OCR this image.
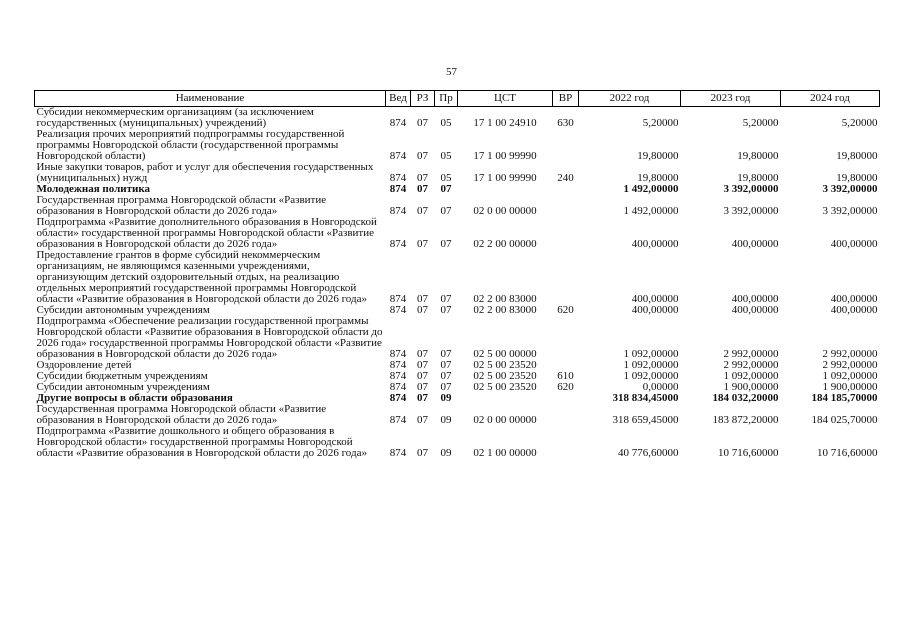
57
Наименование	Вед	РЗ	Пр	ЦСТ	ВР	2022 год	2023 год	2024 год
Субсидии некоммерческим организациям (за исключением государственных (муниципальных) учреждений)	874	07	05	17 1 00 24910	630	5,20000	5,20000	5,20000
Реализация прочих мероприятий подпрограммы государственной программы Новгородской области (государственной программы Новгородской области)	874	07	05	17 1 00 99990		19,80000	19,80000	19,80000
Иные закупки товаров, работ и услуг для обеспечения государственных (муниципальных) нужд	874	07	05	17 1 00 99990	240	19,80000	19,80000	19,80000
Молодежная политика	874	07	07			1 492,00000	3 392,00000	3 392,00000
Государственная программа Новгородской области «Развитие образования в Новгородской области до 2026 года»	874	07	07	02 0 00 00000		1 492,00000	3 392,00000	3 392,00000
Подпрограмма «Развитие дополнительного образования в Новгородской области» государственной программы Новгородской области «Развитие образования в Новгородской области до 2026 года»	874	07	07	02 2 00 00000		400,00000	400,00000	400,00000
Предоставление грантов в форме субсидий некоммерческим организациям, не являющимся казенными учреждениями, организующим детский оздоровительный отдых, на реализацию отдельных мероприятий государственной программы Новгородской области «Развитие образования в Новгородской области до 2026 года»	874	07	07	02 2 00 83000		400,00000	400,00000	400,00000
Субсидии автономным учреждениям	874	07	07	02 2 00 83000	620	400,00000	400,00000	400,00000
Подпрограмма «Обеспечение реализации государственной программы Новгородской области «Развитие образования в Новгородской области до 2026 года» государственной программы Новгородской области «Развитие образования в Новгородской области до 2026 года»	874	07	07	02 5 00 00000		1 092,00000	2 992,00000	2 992,00000
Оздоровление детей	874	07	07	02 5 00 23520		1 092,00000	2 992,00000	2 992,00000
Субсидии бюджетным учреждениям	874	07	07	02 5 00 23520	610	1 092,00000	1 092,00000	1 092,00000
Субсидии автономным учреждениям	874	07	07	02 5 00 23520	620	0,00000	1 900,00000	1 900,00000
Другие вопросы в области образования	874	07	09			318 834,45000	184 032,20000	184 185,70000
Государственная программа Новгородской области «Развитие образования в Новгородской области до 2026 года»	874	07	09	02 0 00 00000		318 659,45000	183 872,20000	184 025,70000
Подпрограмма «Развитие дошкольного и общего образования в Новгородской области» государственной программы Новгородской области «Развитие образования в Новгородской области до 2026 года»	874	07	09	02 1 00 00000		40 776,60000	10 716,60000	10 716,60000
